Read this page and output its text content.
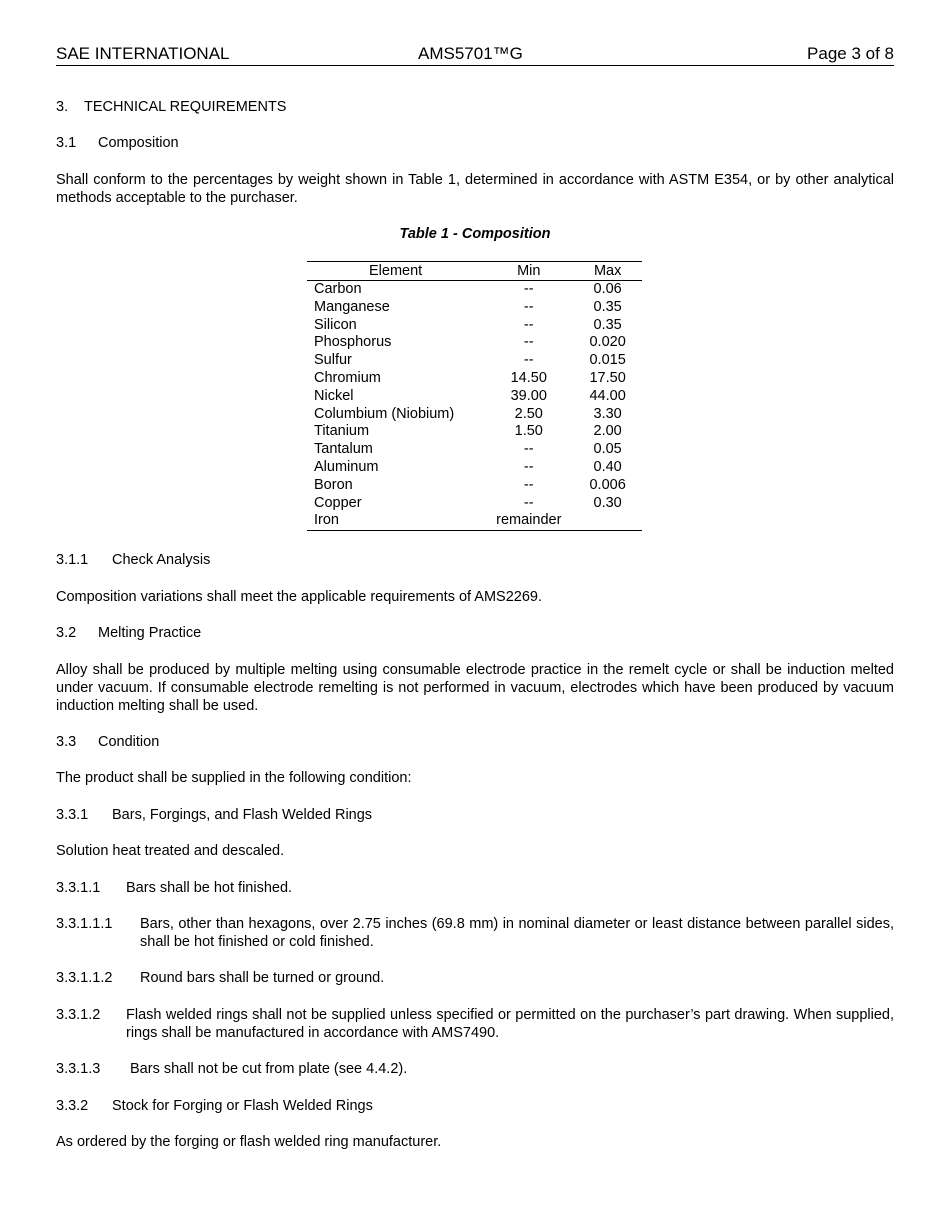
SAE INTERNATIONAL	AMS5701™G	Page 3 of 8
3. TECHNICAL REQUIREMENTS
3.1 Composition
Shall conform to the percentages by weight shown in Table 1, determined in accordance with ASTM E354, or by other analytical methods acceptable to the purchaser.
Table 1 - Composition
Element	Min	Max
Carbon	--	0.06
Manganese	--	0.35
Silicon	--	0.35
Phosphorus	--	0.020
Sulfur	--	0.015
Chromium	14.50	17.50
Nickel	39.00	44.00
Columbium (Niobium)	2.50	3.30
Titanium	1.50	2.00
Tantalum	--	0.05
Aluminum	--	0.40
Boron	--	0.006
Copper	--	0.30
Iron	remainder	
3.1.1 Check Analysis
Composition variations shall meet the applicable requirements of AMS2269.
3.2 Melting Practice
Alloy shall be produced by multiple melting using consumable electrode practice in the remelt cycle or shall be induction melted under vacuum. If consumable electrode remelting is not performed in vacuum, electrodes which have been produced by vacuum induction melting shall be used.
3.3 Condition
The product shall be supplied in the following condition:
3.3.1 Bars, Forgings, and Flash Welded Rings
Solution heat treated and descaled.
3.3.1.1 Bars shall be hot finished.
3.3.1.1.1 Bars, other than hexagons, over 2.75 inches (69.8 mm) in nominal diameter or least distance between parallel sides, shall be hot finished or cold finished.
3.3.1.1.2 Round bars shall be turned or ground.
3.3.1.2 Flash welded rings shall not be supplied unless specified or permitted on the purchaser’s part drawing. When supplied, rings shall be manufactured in accordance with AMS7490.
3.3.1.3 Bars shall not be cut from plate (see 4.4.2).
3.3.2 Stock for Forging or Flash Welded Rings
As ordered by the forging or flash welded ring manufacturer.
